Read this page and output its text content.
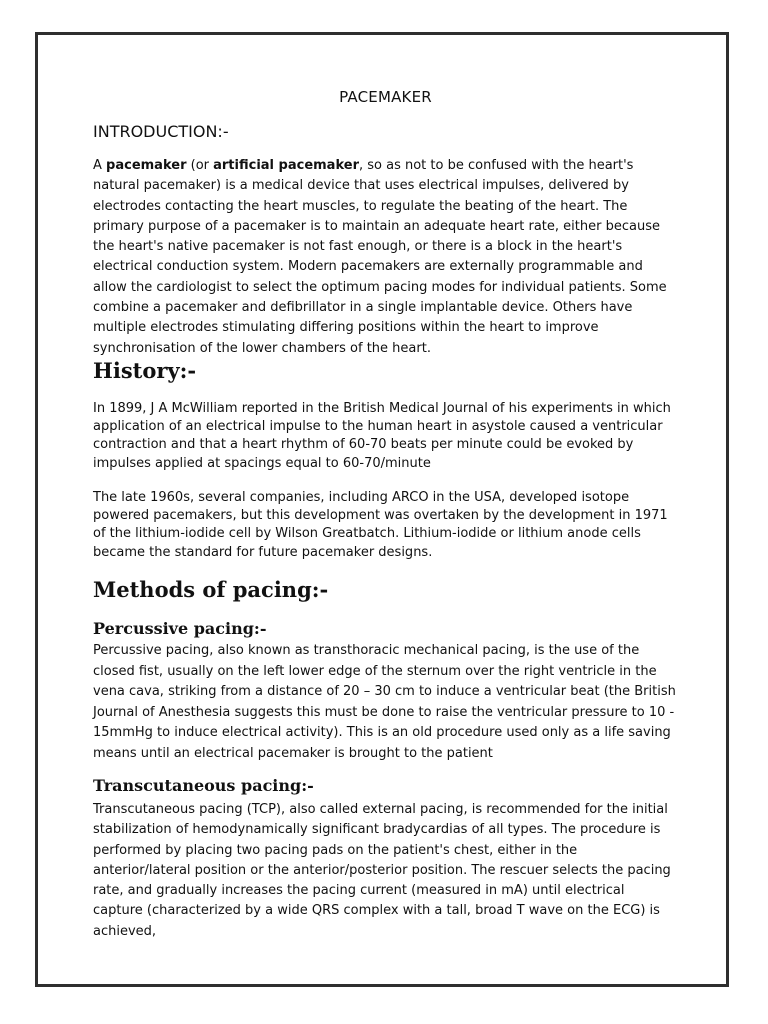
PACEMAKER
INTRODUCTION:-

A pacemaker (or artificial pacemaker, so as not to be confused with the heart's natural pacemaker) is a medical device that uses electrical impulses, delivered by electrodes contacting the heart muscles, to regulate the beating of the heart. The primary purpose of a pacemaker is to maintain an adequate heart rate, either because the heart's native pacemaker is not fast enough, or there is a block in the heart's electrical conduction system. Modern pacemakers are externally programmable and allow the cardiologist to select the optimum pacing modes for individual patients. Some combine a pacemaker and defibrillator in a single implantable device. Others have multiple electrodes stimulating differing positions within the heart to improve synchronisation of the lower chambers of the heart.

History:-

In 1899, J A McWilliam reported in the British Medical Journal of his experiments in which application of an electrical impulse to the human heart in asystole caused a ventricular contraction and that a heart rhythm of 60-70 beats per minute could be evoked by impulses applied at spacings equal to 60-70/minute

The late 1960s, several companies, including ARCO in the USA, developed isotope powered pacemakers, but this development was overtaken by the development in 1971 of the lithium-iodide cell by Wilson Greatbatch. Lithium-iodide or lithium anode cells became the standard for future pacemaker designs.

Methods of pacing:-
Percussive pacing:-

Percussive pacing, also known as transthoracic mechanical pacing, is the use of the closed fist, usually on the left lower edge of the sternum over the right ventricle in the vena cava, striking from a distance of 20 – 30 cm to induce a ventricular beat (the British Journal of Anesthesia suggests this must be done to raise the ventricular pressure to 10 - 15mmHg to induce electrical activity). This is an old procedure used only as a life saving means until an electrical pacemaker is brought to the patient

Transcutaneous pacing:-

Transcutaneous pacing (TCP), also called external pacing, is recommended for the initial stabilization of hemodynamically significant bradycardias of all types. The procedure is performed by placing two pacing pads on the patient's chest, either in the anterior/lateral position or the anterior/posterior position. The rescuer selects the pacing rate, and gradually increases the pacing current (measured in mA) until electrical capture (characterized by a wide QRS complex with a tall, broad T wave on the ECG) is achieved,
